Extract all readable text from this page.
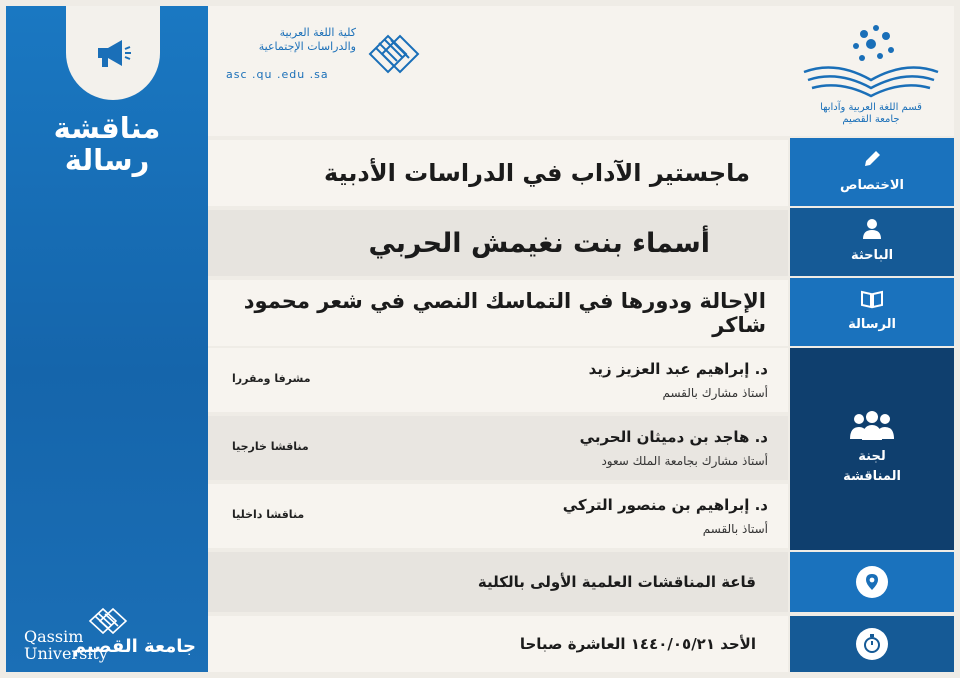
مناقشة
رسالة
Qassim
University
جامعة القصيم
كلية اللغة العربية
والدراسات الإجتماعية
asc .qu .edu .sa
قسم اللغة العربية وآدابها
جامعة القصيم
ماجستير الآداب في الدراسات الأدبية
أسماء بنت نغيمش الحربي
الإحالة ودورها في التماسك النصي في شعر محمود شاكر
د. إبراهيم عبد العزيز زيد
أستاذ مشارك بالقسم
مشرفا ومقررا
د. هاجد بن دميثان الحربي
أستاذ مشارك بجامعة الملك سعود
مناقشا خارجيا
د. إبراهيم بن منصور التركي
أستاذ بالقسم
مناقشا داخليا
قاعة المناقشات العلمية الأولى بالكلية
الأحد ١٤٤٠/٠٥/٢١ العاشرة صباحا
الاختصاص
الباحثة
الرسالة
لجنة
المناقشة
